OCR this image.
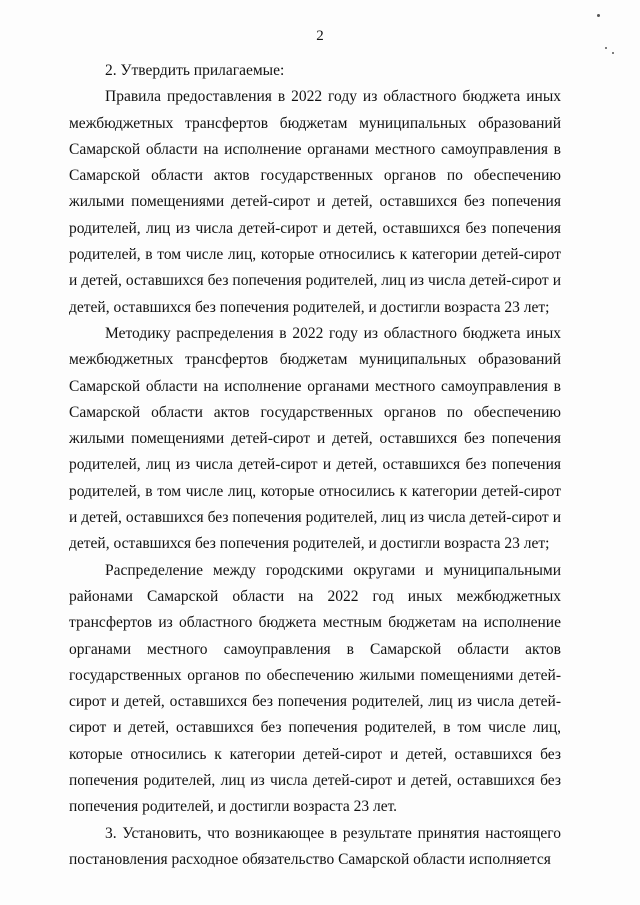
2

2. Утвердить прилагаемые:

Правила предоставления в 2022 году из областного бюджета иных межбюджетных трансфертов бюджетам муниципальных образований Самарской области на исполнение органами местного самоуправления в Самарской области актов государственных органов по обеспечению жилыми помещениями детей-сирот и детей, оставшихся без попечения родителей, лиц из числа детей-сирот и детей, оставшихся без попечения родителей, в том числе лиц, которые относились к категории детей-сирот и детей, оставшихся без попечения родителей, лиц из числа детей-сирот и детей, оставшихся без попечения родителей, и достигли возраста 23 лет;

Методику распределения в 2022 году из областного бюджета иных межбюджетных трансфертов бюджетам муниципальных образований Самарской области на исполнение органами местного самоуправления в Самарской области актов государственных органов по обеспечению жилыми помещениями детей-сирот и детей, оставшихся без попечения родителей, лиц из числа детей-сирот и детей, оставшихся без попечения родителей, в том числе лиц, которые относились к категории детей-сирот и детей, оставшихся без попечения родителей, лиц из числа детей-сирот и детей, оставшихся без попечения родителей, и достигли возраста 23 лет;

Распределение между городскими округами и муниципальными районами Самарской области на 2022 год иных межбюджетных трансфертов из областного бюджета местным бюджетам на исполнение органами местного самоуправления в Самарской области актов государственных органов по обеспечению жилыми помещениями детей-сирот и детей, оставшихся без попечения родителей, лиц из числа детей-сирот и детей, оставшихся без попечения родителей, в том числе лиц, которые относились к категории детей-сирот и детей, оставшихся без попечения родителей, лиц из числа детей-сирот и детей, оставшихся без попечения родителей, и достигли возраста 23 лет.

3. Установить, что возникающее в результате принятия настоящего постановления расходное обязательство Самарской области исполняется
